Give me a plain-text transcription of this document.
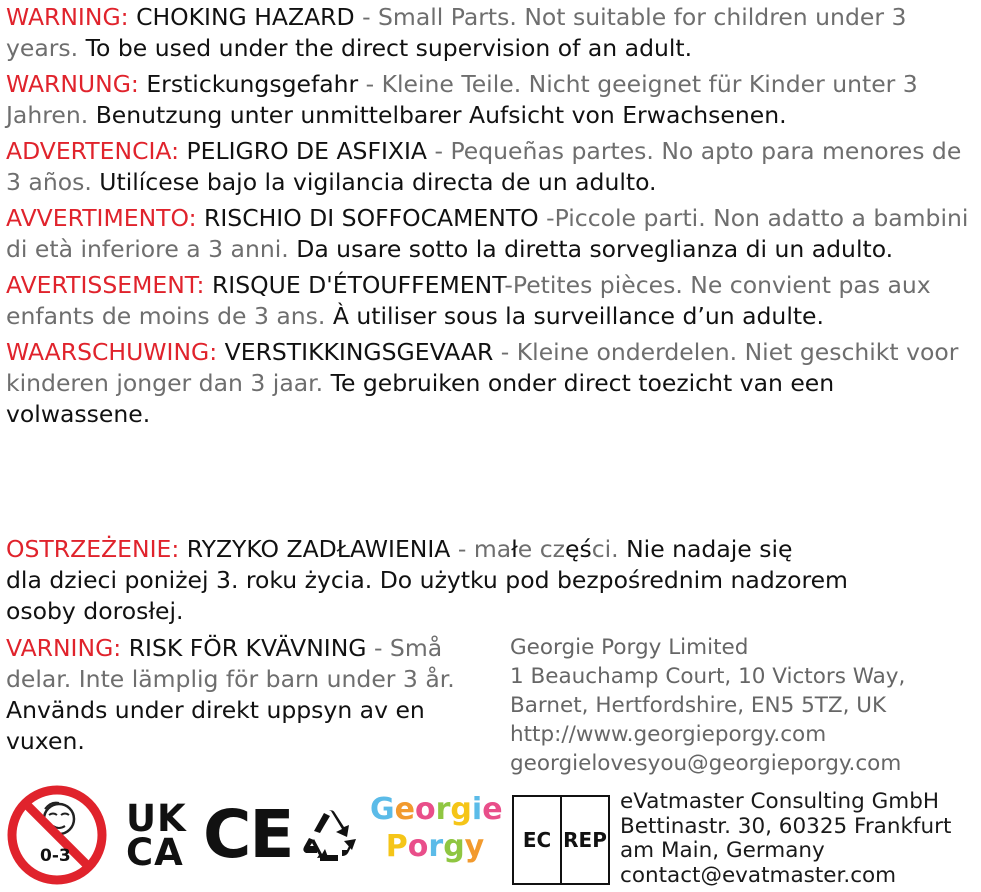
WARNING: CHOKING HAZARD - Small Parts. Not suitable for children under 3 years. To be used under the direct supervision of an adult.
WARNUNG: Erstickungsgefahr - Kleine Teile. Nicht geeignet für Kinder unter 3 Jahren. Benutzung unter unmittelbarer Aufsicht von Erwachsenen.
ADVERTENCIA: PELIGRO DE ASFIXIA - Pequeñas partes. No apto para menores de 3 años. Utilícese bajo la vigilancia directa de un adulto.
AVVERTIMENTO: RISCHIO DI SOFFOCAMENTO -Piccole parti. Non adatto a bambini di età inferiore a 3 anni. Da usare sotto la diretta sorveglianza di un adulto.
AVERTISSEMENT: RISQUE D'ÉTOUFFEMENT-Petites pièces. Ne convient pas aux enfants de moins de 3 ans. À utiliser sous la surveillance d’un adulte.
WAARSCHUWING: VERSTIKKINGSGEVAAR - Kleine onderdelen. Niet geschikt voor kinderen jonger dan 3 jaar. Te gebruiken onder direct toezicht van een volwassene.
OSTRZEŻENIE: RYZYKO ZADŁAWIENIA - małe części. Nie nadaje się
dla dzieci poniżej 3. roku życia. Do użytku pod bezpośrednim nadzorem
osoby dorosłej.
VARNING: RISK FÖR KVÄVNING - Små delar. Inte lämplig för barn under 3 år. Används under direkt uppsyn av en vuxen.
Georgie Porgy Limited
1 Beauchamp Court, 10 Victors Way,
Barnet, Hertfordshire, EN5 5TZ, UK
http://www.georgieporgy.com
georgielovesyou@georgieporgy.com
EC REP
eVatmaster Consulting GmbH
Bettinastr. 30, 60325 Frankfurt
am Main, Germany
contact@evatmaster.com
0-3
UK
CA CE	Georgie
Porgy
